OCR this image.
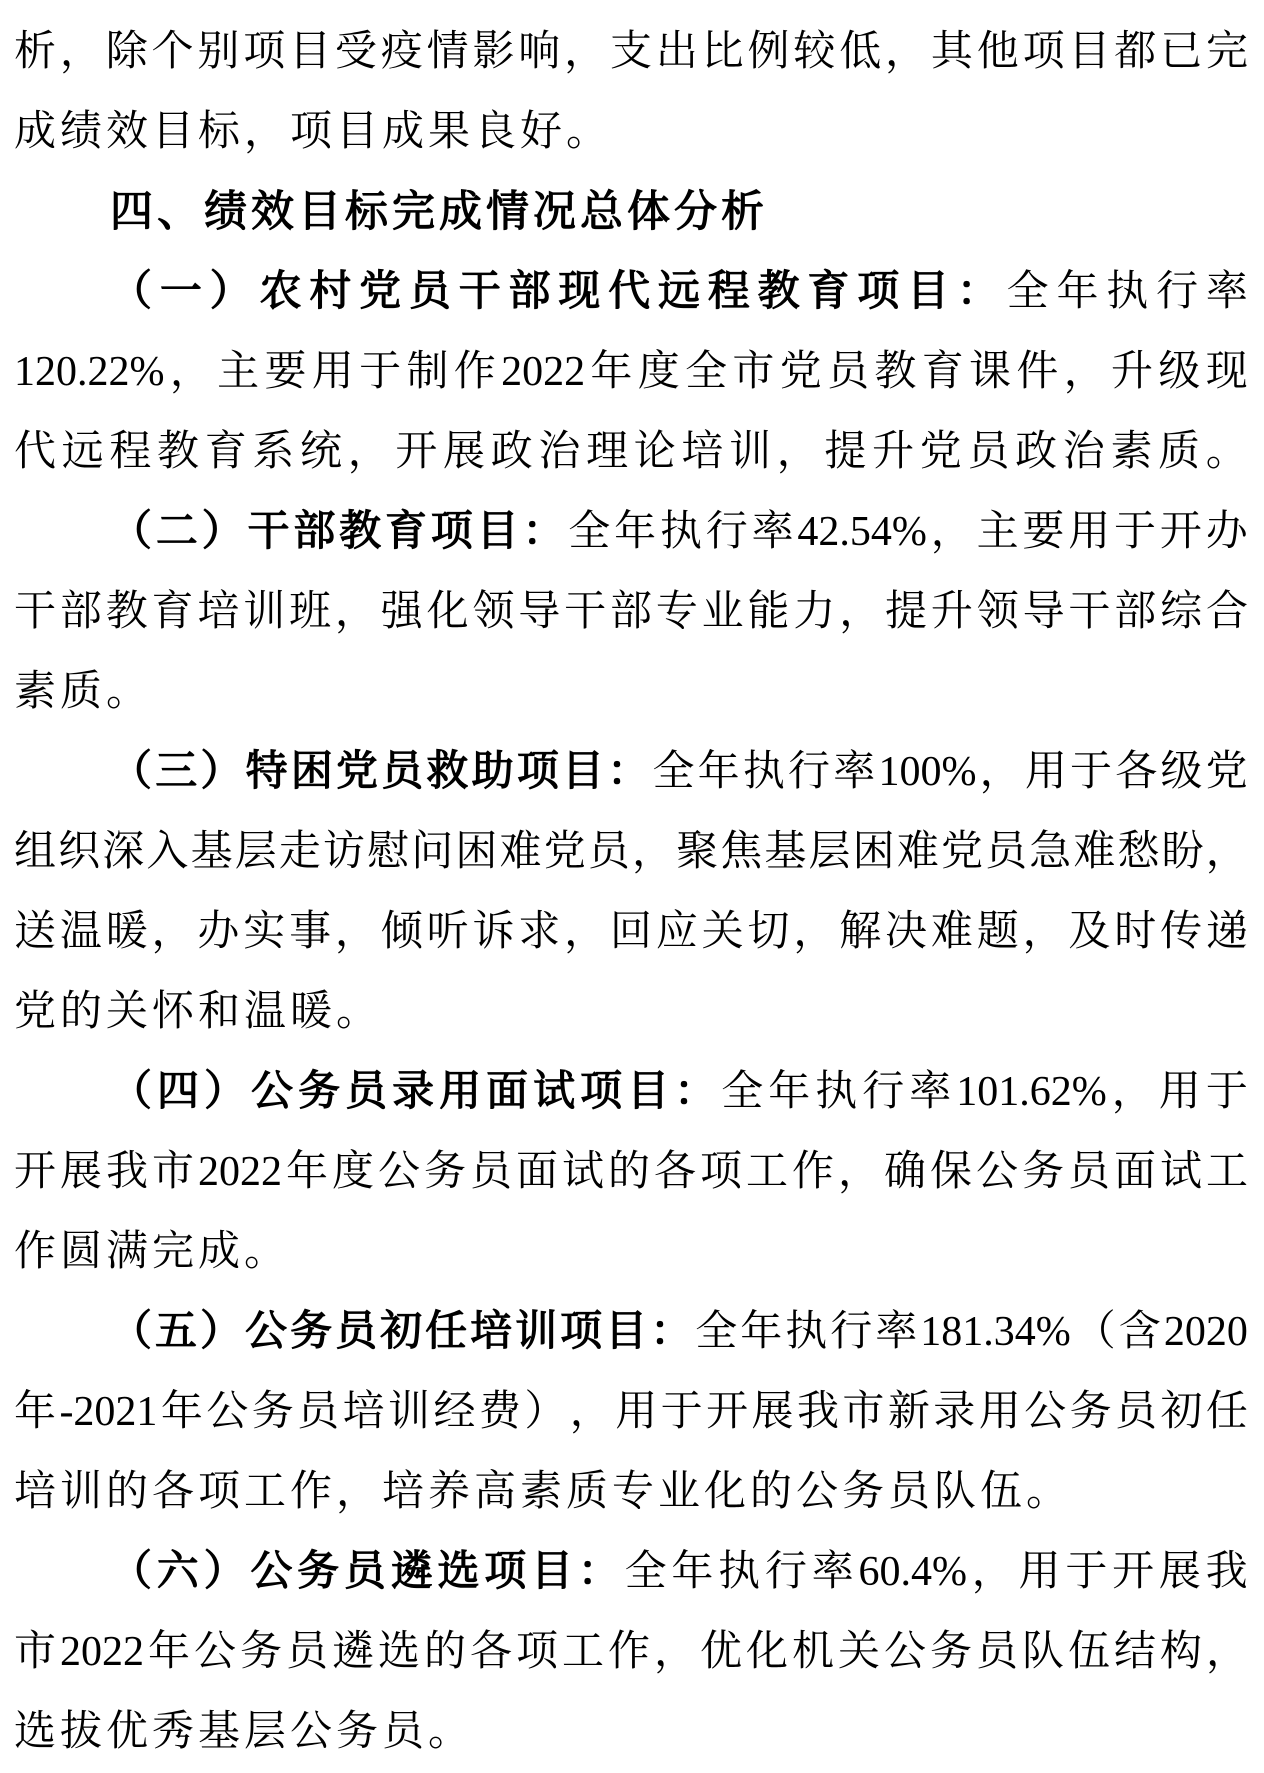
析 ， 除 个 别 项 目 受 疫 情 影 响 ， 支 出 比 例 较 低 ， 其 他 项 目 都 已 完
成绩效目标，项目成果良好。
四、绩效目标完成情况总体分析
（ 一 ） 农 村 党 员 干 部 现 代 远 程 教 育 项 目 ： 全 年 执 行 率
120.22% ， 主 要 用 于 制 作 2022 年 度 全 市 党 员 教 育 课 件 ， 升 级 现
代 远 程 教 育 系 统 ， 开 展 政 治 理 论 培 训 ， 提 升 党 员 政 治 素 质 。
（ 二 ） 干 部 教 育 项 目 ： 全 年 执 行 率 42.54% ， 主 要 用 于 开 办
干 部 教 育 培 训 班 ， 强 化 领 导 干 部 专 业 能 力 ， 提 升 领 导 干 部 综 合
素质。
（ 三 ） 特 困 党 员 救 助 项 目 ： 全 年 执 行 率 100% ， 用 于 各 级 党
组 织 深 入 基 层 走 访 慰 问 困 难 党 员 ， 聚 焦 基 层 困 难 党 员 急 难 愁 盼 ，
送 温 暖 ， 办 实 事 ， 倾 听 诉 求 ， 回 应 关 切 ， 解 决 难 题 ， 及 时 传 递
党的关怀和温暖。
（ 四 ） 公 务 员 录 用 面 试 项 目 ： 全 年 执 行 率 101.62% ， 用 于
开 展 我 市 2022 年 度 公 务 员 面 试 的 各 项 工 作 ， 确 保 公 务 员 面 试 工
作圆满完成。
（ 五 ） 公 务 员 初 任 培 训 项 目 ： 全 年 执 行 率 181.34% （ 含 2020
年 -2021 年 公 务 员 培 训 经 费 ） ， 用 于 开 展 我 市 新 录 用 公 务 员 初 任
培训的各项工作，培养高素质专业化的公务员队伍。
（ 六 ） 公 务 员 遴 选 项 目 ： 全 年 执 行 率 60.4% ， 用 于 开 展 我
市 2022 年 公 务 员 遴 选 的 各 项 工 作 ， 优 化 机 关 公 务 员 队 伍 结 构 ，
选拔优秀基层公务员。
